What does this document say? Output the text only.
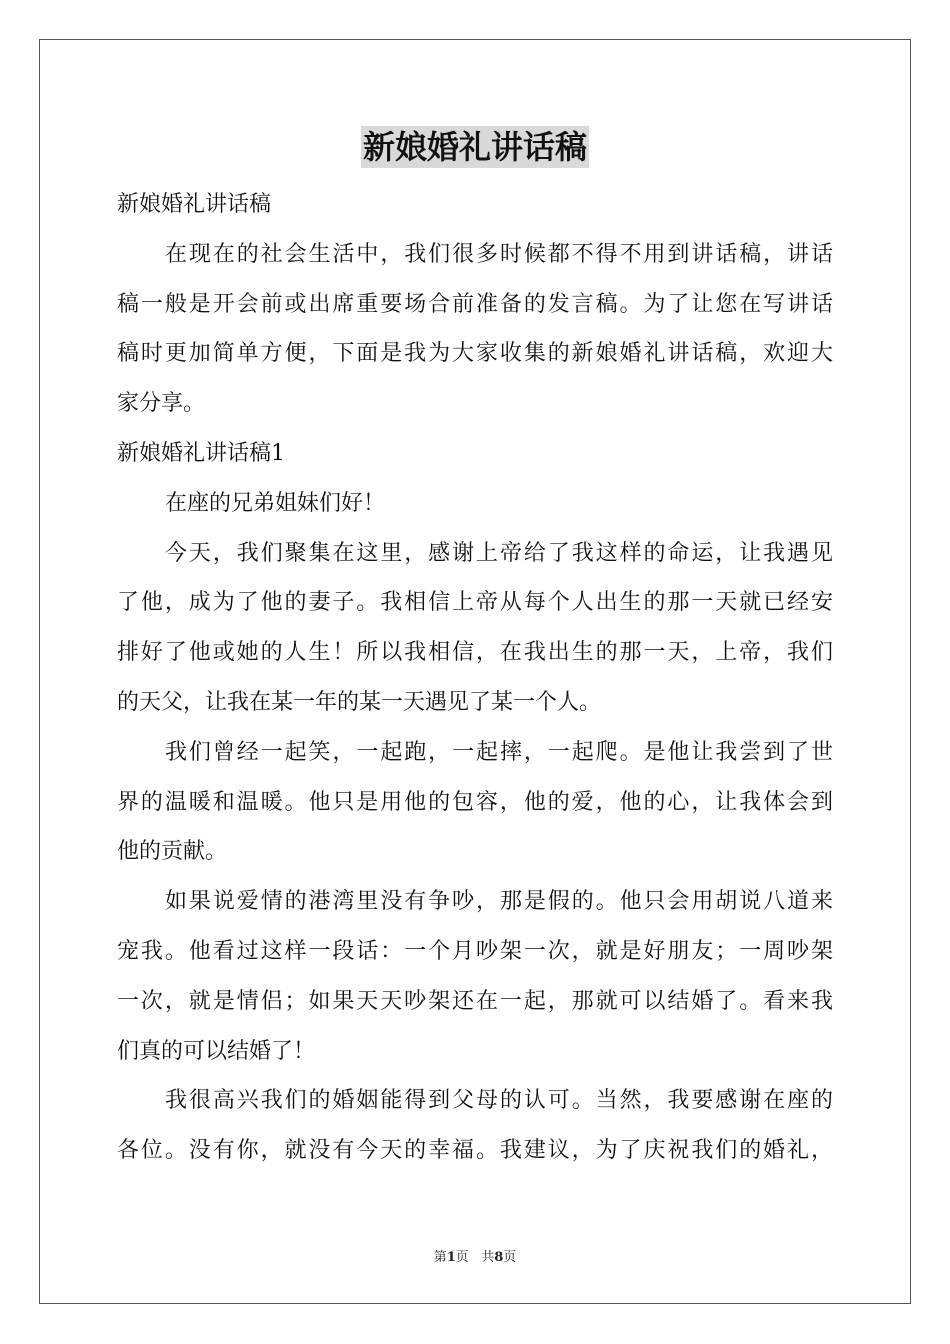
新娘婚礼讲话稿
新娘婚礼讲话稿
在现在的社会生活中，我们很多时候都不得不用到讲话稿，讲话
稿一般是开会前或出席重要场合前准备的发言稿。为了让您在写讲话
稿时更加简单方便，下面是我为大家收集的新娘婚礼讲话稿，欢迎大
家分享。
新娘婚礼讲话稿1
在座的兄弟姐妹们好！
今天，我们聚集在这里，感谢上帝给了我这样的命运，让我遇见
了他，成为了他的妻子。我相信上帝从每个人出生的那一天就已经安
排好了他或她的人生！所以我相信，在我出生的那一天，上帝，我们
的天父，让我在某一年的某一天遇见了某一个人。
我们曾经一起笑，一起跑，一起摔，一起爬。是他让我尝到了世
界的温暖和温暖。他只是用他的包容，他的爱，他的心，让我体会到
他的贡献。
如果说爱情的港湾里没有争吵，那是假的。他只会用胡说八道来
宠我。他看过这样一段话：一个月吵架一次，就是好朋友；一周吵架
一次，就是情侣；如果天天吵架还在一起，那就可以结婚了。看来我
们真的可以结婚了！
我很高兴我们的婚姻能得到父母的认可。当然，我要感谢在座的
各位。没有你，就没有今天的幸福。我建议，为了庆祝我们的婚礼，
第1页 共8页
